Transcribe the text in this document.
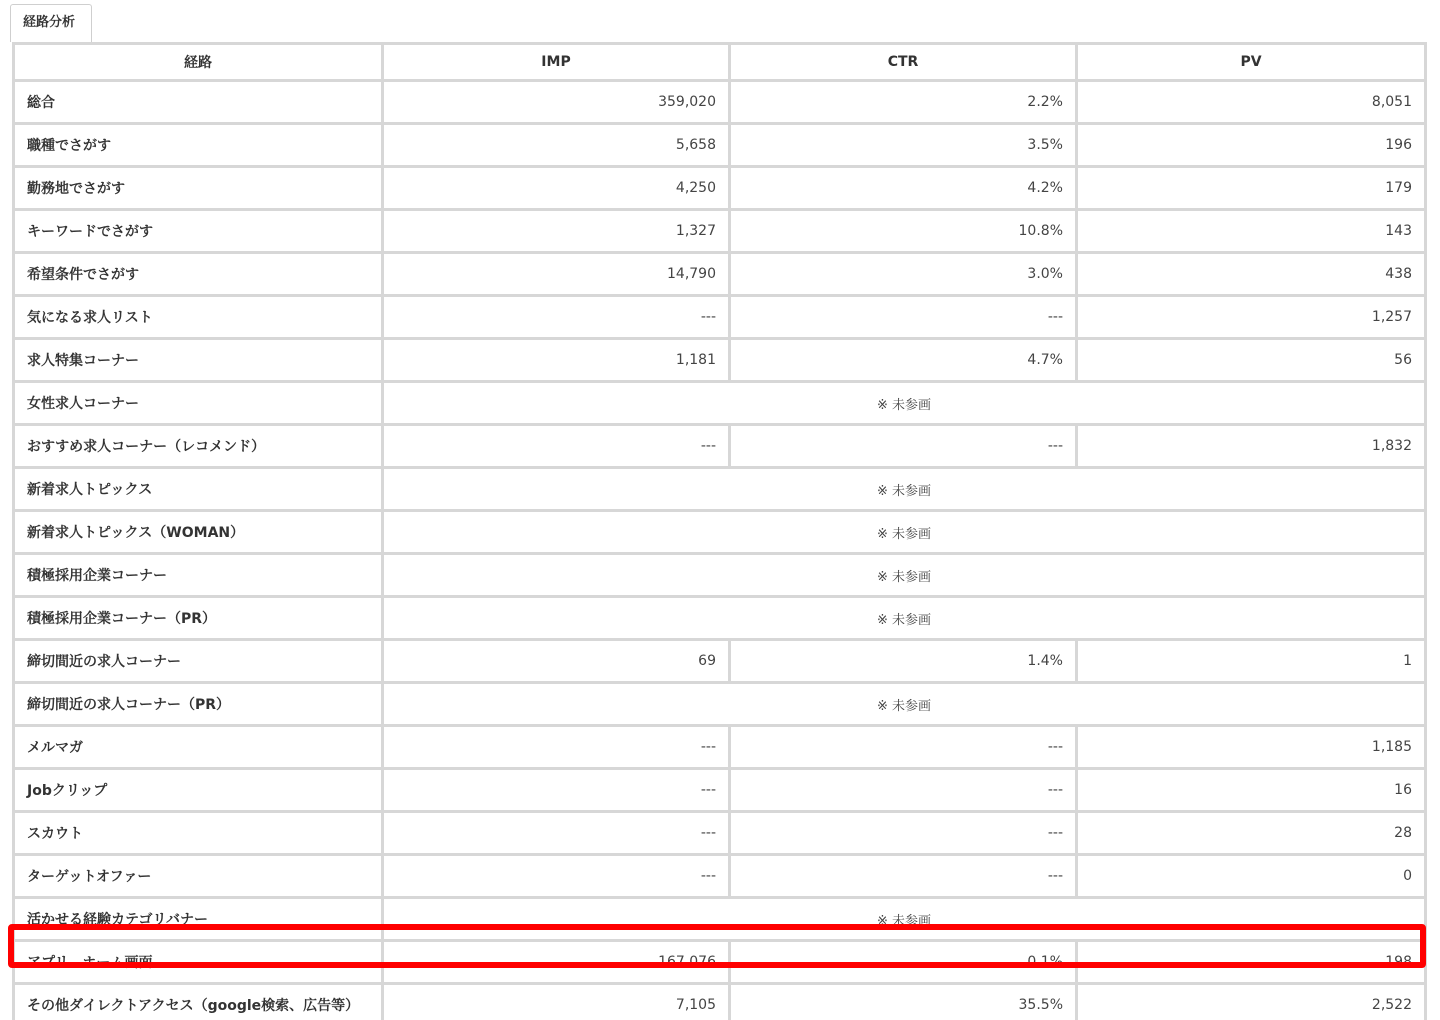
経路分析
経路	IMP	CTR	PV
総合	359,020	2.2%	8,051
職種でさがす	5,658	3.5%	196
勤務地でさがす	4,250	4.2%	179
キーワードでさがす	1,327	10.8%	143
希望条件でさがす	14,790	3.0%	438
気になる求人リスト	---	---	1,257
求人特集コーナー	1,181	4.7%	56
女性求人コーナー	※ 未参画		
おすすめ求人コーナー（レコメンド）	---	---	1,832
新着求人トピックス	※ 未参画		
新着求人トピックス（WOMAN）	※ 未参画		
積極採用企業コーナー	※ 未参画		
積極採用企業コーナー（PR）	※ 未参画		
締切間近の求人コーナー	69	1.4%	1
締切間近の求人コーナー（PR）	※ 未参画		
メルマガ	---	---	1,185
Jobクリップ	---	---	16
スカウト	---	---	28
ターゲットオファー	---	---	0
活かせる経験カテゴリバナー	※ 未参画		
アプリ　ホーム画面	167,076	0.1%	198
その他ダイレクトアクセス（google検索、広告等）	7,105	35.5%	2,522
